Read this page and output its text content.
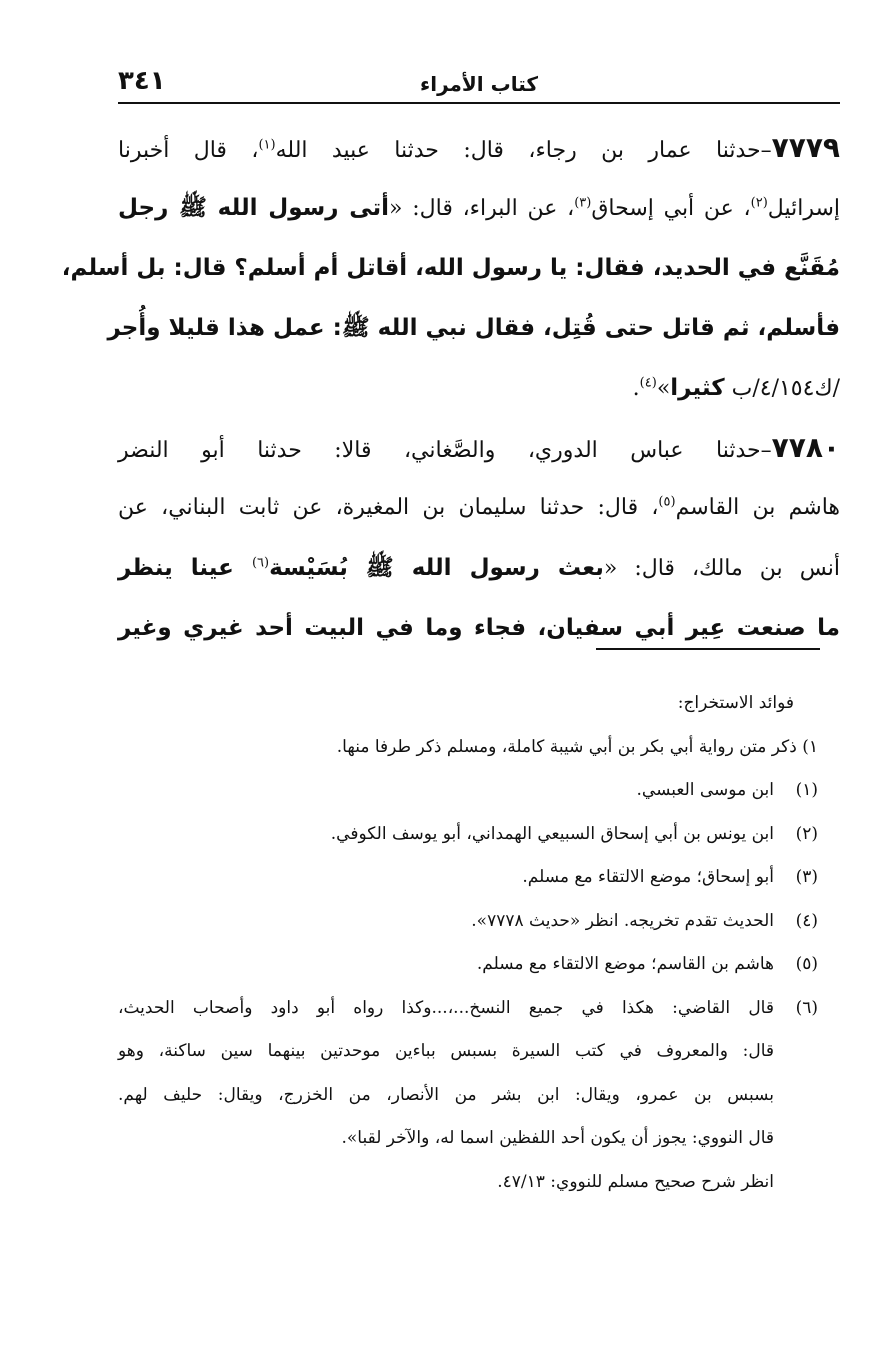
٣٤١	كتاب الأمراء
٧٧٧٩–حدثنا عمار بن رجاء، قال: حدثنا عبيد الله$^{(١)}$، قال أخبرنا
إسرائيل$^{(٢)}$، عن أبي إسحاق$^{(٣)}$، عن البراء، قال: «أتى رسول الله ﷺ رجل
مُقَنَّع في الحديد، فقال: يا رسول الله، أقاتل أم أسلم؟ قال: بل أسلم،
فأسلم، ثم قاتل حتى قُتِل، فقال نبي الله ﷺ: عمل هذا قليلا وأُجر
/ك٤/١٥٤/ب كثيرا»$^{(٤)}$.
٧٧٨٠–حدثنا عباس الدوري، والصَّغاني، قالا: حدثنا أبو النضر
هاشم بن القاسم$^{(٥)}$، قال: حدثنا سليمان بن المغيرة، عن ثابت البناني، عن
أنس بن مالك، قال: «بعث رسول الله ﷺ بُسَيْسة$^{(٦)}$ عينا ينظر
ما صنعت عِير أبي سفيان، فجاء وما في البيت أحد غيري وغير
فوائد الاستخراج:
١) ذكر متن رواية أبي بكر بن أبي شيبة كاملة، ومسلم ذكر طرفا منها.
(١)ابن موسى العبسي.
(٢)ابن يونس بن أبي إسحاق السبيعي الهمداني، أبو يوسف الكوفي.
(٣)أبو إسحاق؛ موضع الالتقاء مع مسلم.
(٤)الحديث تقدم تخريجه. انظر «حديث ٧٧٧٨».
(٥)هاشم بن القاسم؛ موضع الالتقاء مع مسلم.
(٦)قال القاضي: هكذا في جميع النسخ...،...وكذا رواه أبو داود وأصحاب الحديث،
قال: والمعروف في كتب السيرة بسبس بباءين موحدتين بينهما سين ساكنة، وهو
بسبس بن عمرو، ويقال: ابن بشر من الأنصار، من الخزرج، ويقال: حليف لهم.
قال النووي: يجوز أن يكون أحد اللفظين اسما له، والآخر لقبا».
انظر شرح صحيح مسلم للنووي: ٤٧/١٣.
